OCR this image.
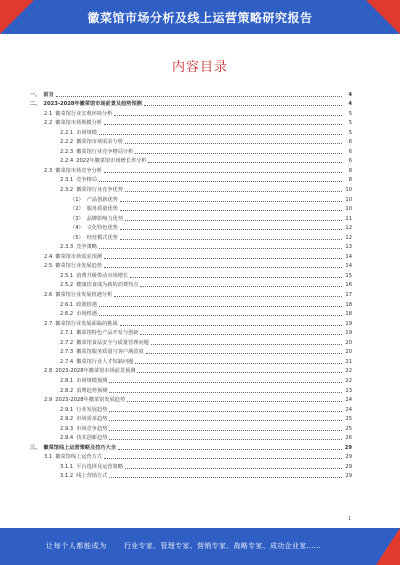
徽菜馆市场分析及线上运营策略研究报告
内容目录
一、 前言	4
二、 2023-2028年徽菜馆市场前景及趋势预测	4
2.1 徽菜馆行业宏观环境分析	5
2.2 徽菜馆市场规模分析	5
2.2.1 市场规模	5
2.2.2 徽菜馆市场需求分析	6
2.2.3 徽菜馆行业竞争格局分析	6
2.2.4 2022年徽菜馆市场增长率分析	6
2.3 徽菜馆市场竞争分析	8
2.3.1 竞争格局	8
2.3.2 徽菜馆行业竞争优势	10
（1） 产品创新优势	10
（2） 服务质量优势	10
（3） 品牌影响力优势	11
（4） 文化特色优势	12
（5） 经营模式优势	12
2.3.3 竞争策略	13
2.4 徽菜馆市场需求预测	14
2.5 徽菜馆行业发展趋势	14
2.5.1 消费升级带动市场增长	15
2.5.2 健康饮食成为新的消费热点	16
2.6 徽菜馆行业发展机遇分析	17
2.6.1 政策机遇	18
2.6.2 市场机遇	18
2.7 徽菜馆行业发展面临的挑战	19
2.7.1 徽菜馆特色产品开发与创新	19
2.7.2 徽菜馆食品安全与质量管理问题	20
2.7.3 徽菜馆服务质量与客户满意度	20
2.7.4 徽菜馆行业人才短缺问题	21
2.8 2023-2028年徽菜馆市场前景预测	22
2.8.1 市场规模预测	22
2.8.2 消费趋势预测	23
2.9 2023-2028年徽菜馆发展趋势	24
2.9.1 行业发展趋势	24
2.9.2 市场需求趋势	25
2.9.3 市场竞争趋势	25
2.9.4 技术创新趋势	26
三、 徽菜馆线上运营策略及技巧大全	29
3.1 徽菜馆线上运营方式	29
3.1.1 平台选择及运营策略	29
3.1.2 线上营销方式	29
1
让每个人都能成为 行业专家、管理专家、营销专家、战略专家、成功企业家……
